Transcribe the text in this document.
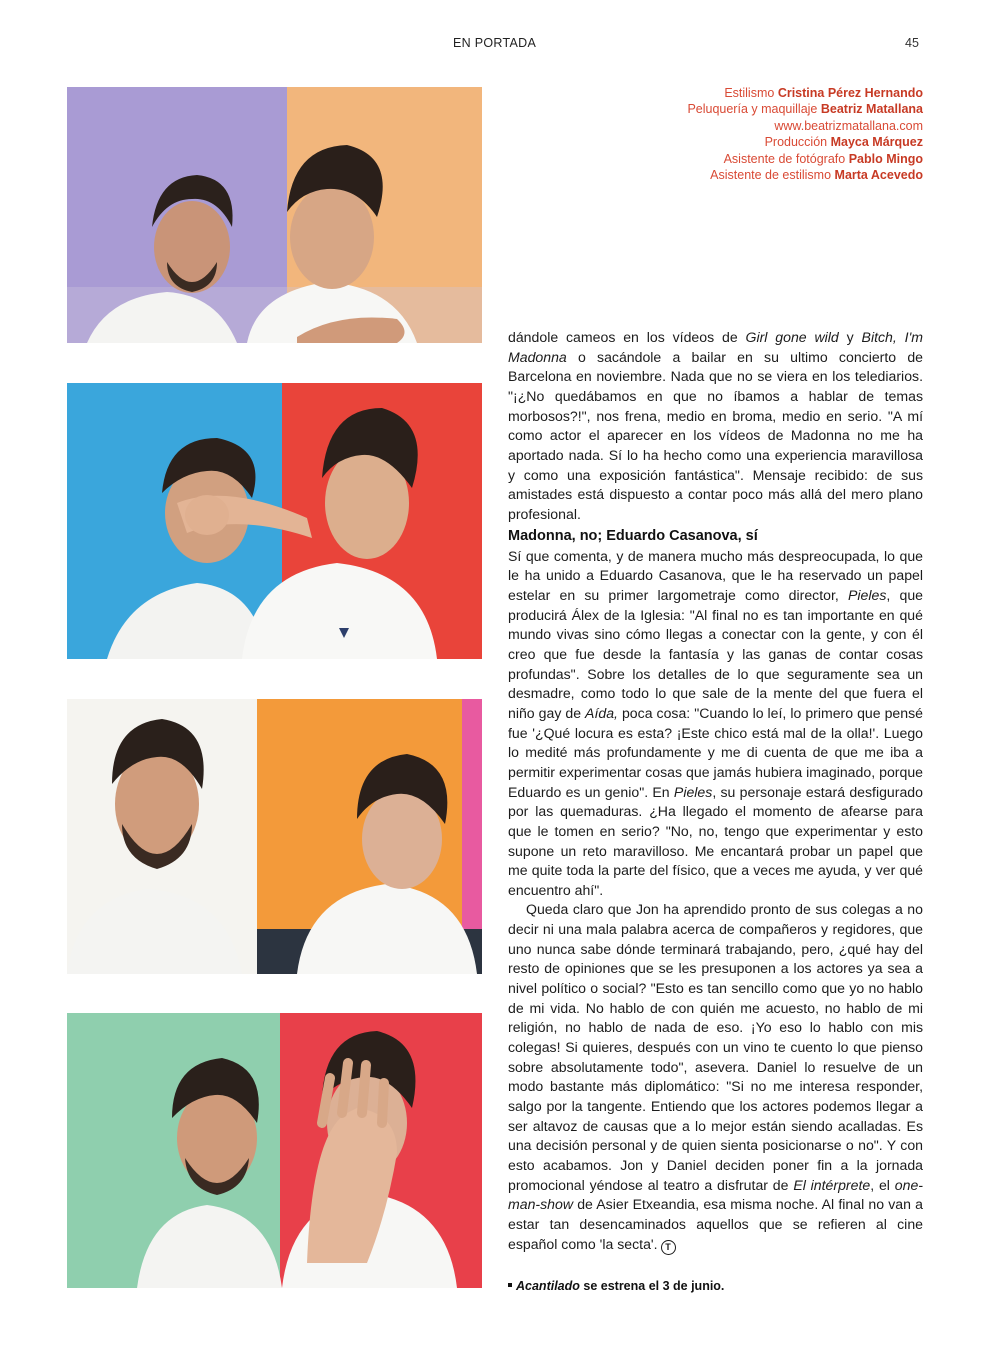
EN PORTADA	45
Estilismo Cristina Pérez Hernando
Peluquería y maquillaje Beatriz Matallana
www.beatrizmatallana.com
Producción Mayca Márquez
Asistente de fotógrafo Pablo Mingo
Asistente de estilismo Marta Acevedo

dándole cameos en los vídeos de Girl gone wild y Bitch, I'm Madonna o sacándole a bailar en su ultimo concierto de Barcelona en noviembre. Nada que no se viera en los telediarios. "¡¿No quedábamos en que no íbamos a hablar de temas morbosos?!", nos frena, medio en broma, medio en serio. "A mí como actor el aparecer en los vídeos de Madonna no me ha aportado nada. Sí lo ha hecho como una experiencia maravillosa y como una exposición fantástica". Mensaje recibido: de sus amistades está dispuesto a contar poco más allá del mero plano profesional.

Madonna, no; Eduardo Casanova, sí

Sí que comenta, y de manera mucho más despreocupada, lo que le ha unido a Eduardo Casanova, que le ha reservado un papel estelar en su primer largometraje como director, Pieles, que producirá Álex de la Iglesia: "Al final no es tan importante en qué mundo vivas sino cómo llegas a conectar con la gente, y con él creo que fue desde la fantasía y las ganas de contar cosas profundas". Sobre los detalles de lo que seguramente sea un desmadre, como todo lo que sale de la mente del que fuera el niño gay de Aída, poca cosa: "Cuando lo leí, lo primero que pensé fue '¿Qué locura es esta? ¡Este chico está mal de la olla!'. Luego lo medité más profundamente y me di cuenta de que me iba a permitir experimentar cosas que jamás hubiera imaginado, porque Eduardo es un genio". En Pieles, su personaje estará desfigurado por las quemaduras. ¿Ha llegado el momento de afearse para que le tomen en serio? "No, no, tengo que experimentar y esto supone un reto maravilloso. Me encantará probar un papel que me quite toda la parte del físico, que a veces me ayuda, y ver qué encuentro ahí".

Queda claro que Jon ha aprendido pronto de sus colegas a no decir ni una mala palabra acerca de compañeros y regidores, que uno nunca sabe dónde terminará trabajando, pero, ¿qué hay del resto de opiniones que se les presuponen a los actores ya sea a nivel político o social? "Esto es tan sencillo como que yo no hablo de mi vida. No hablo de con quién me acuesto, no hablo de mi religión, no hablo de nada de eso. ¡Yo eso lo hablo con mis colegas! Si quieres, después con un vino te cuento lo que pienso sobre absolutamente todo", asevera. Daniel lo resuelve de un modo bastante más diplomático: "Si no me interesa responder, salgo por la tangente. Entiendo que los actores podemos llegar a ser altavoz de causas que a lo mejor están siendo acalladas. Es una decisión personal y de quien sienta posicionarse o no". Y con esto acabamos. Jon y Daniel deciden poner fin a la jornada promocional yéndose al teatro a disfrutar de El intérprete, el one-man-show de Asier Etxeandia, esa misma noche. Al final no van a estar tan desencaminados aquellos que se refieren al cine español como 'la secta'. T

Acantilado se estrena el 3 de junio.
